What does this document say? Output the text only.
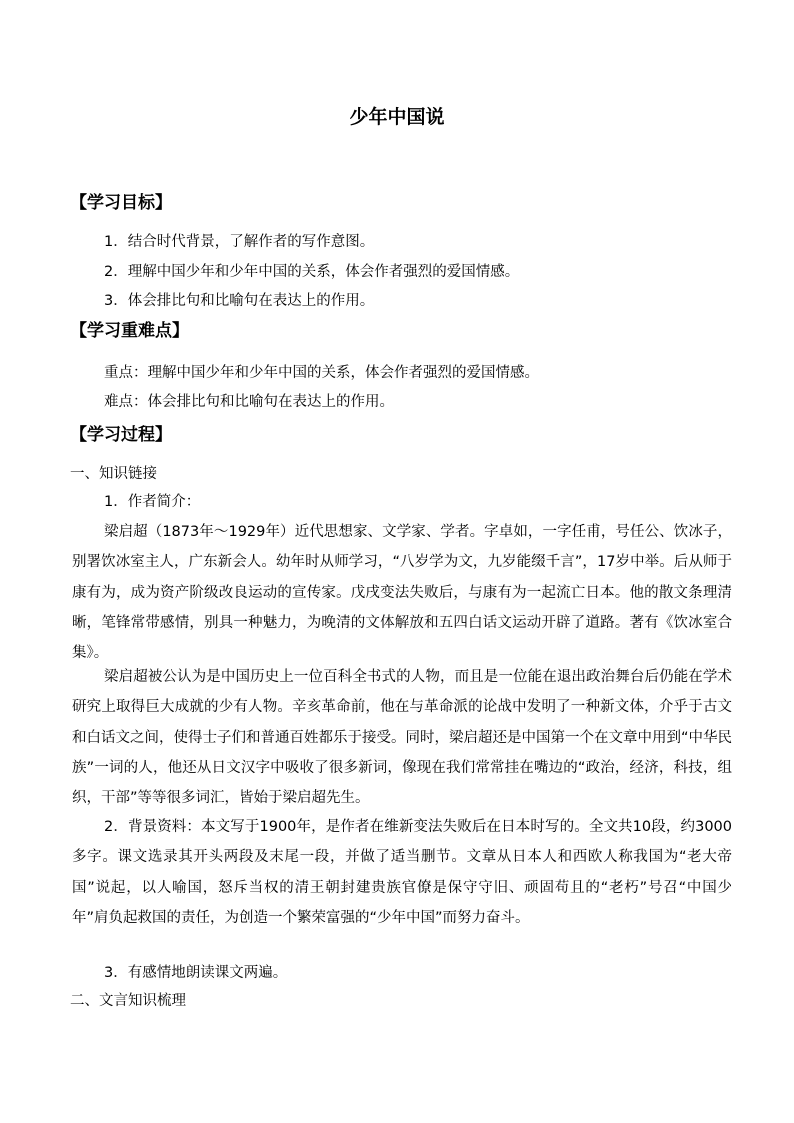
少年中国说
【学习目标】
1．结合时代背景，了解作者的写作意图。
2．理解中国少年和少年中国的关系，体会作者强烈的爱国情感。
3．体会排比句和比喻句在表达上的作用。
【学习重难点】
重点：理解中国少年和少年中国的关系，体会作者强烈的爱国情感。
难点：体会排比句和比喻句在表达上的作用。
【学习过程】
一、知识链接
1．作者简介：
梁启超（1873年～1929年）近代思想家、文学家、学者。字卓如，一字任甫，号任公、饮冰子，别署饮冰室主人，广东新会人。幼年时从师学习，“八岁学为文，九岁能缀千言”，17岁中举。后从师于康有为，成为资产阶级改良运动的宣传家。戊戌变法失败后，与康有为一起流亡日本。他的散文条理清晰，笔锋常带感情，别具一种魅力，为晚清的文体解放和五四白话文运动开辟了道路。著有《饮冰室合集》。
梁启超被公认为是中国历史上一位百科全书式的人物，而且是一位能在退出政治舞台后仍能在学术研究上取得巨大成就的少有人物。辛亥革命前，他在与革命派的论战中发明了一种新文体，介乎于古文和白话文之间，使得士子们和普通百姓都乐于接受。同时，梁启超还是中国第一个在文章中用到“中华民族”一词的人，他还从日文汉字中吸收了很多新词，像现在我们常常挂在嘴边的“政治，经济，科技，组织，干部”等等很多词汇，皆始于梁启超先生。
2．背景资料：本文写于1900年，是作者在维新变法失败后在日本时写的。全文共10段，约3000多字。课文选录其开头两段及末尾一段，并做了适当删节。文章从日本人和西欧人称我国为“老大帝国”说起，以人喻国，怒斥当权的清王朝封建贵族官僚是保守守旧、顽固苟且的“老朽”号召“中国少年”肩负起救国的责任，为创造一个繁荣富强的“少年中国”而努力奋斗。
3．有感情地朗读课文两遍。
二、文言知识梳理
